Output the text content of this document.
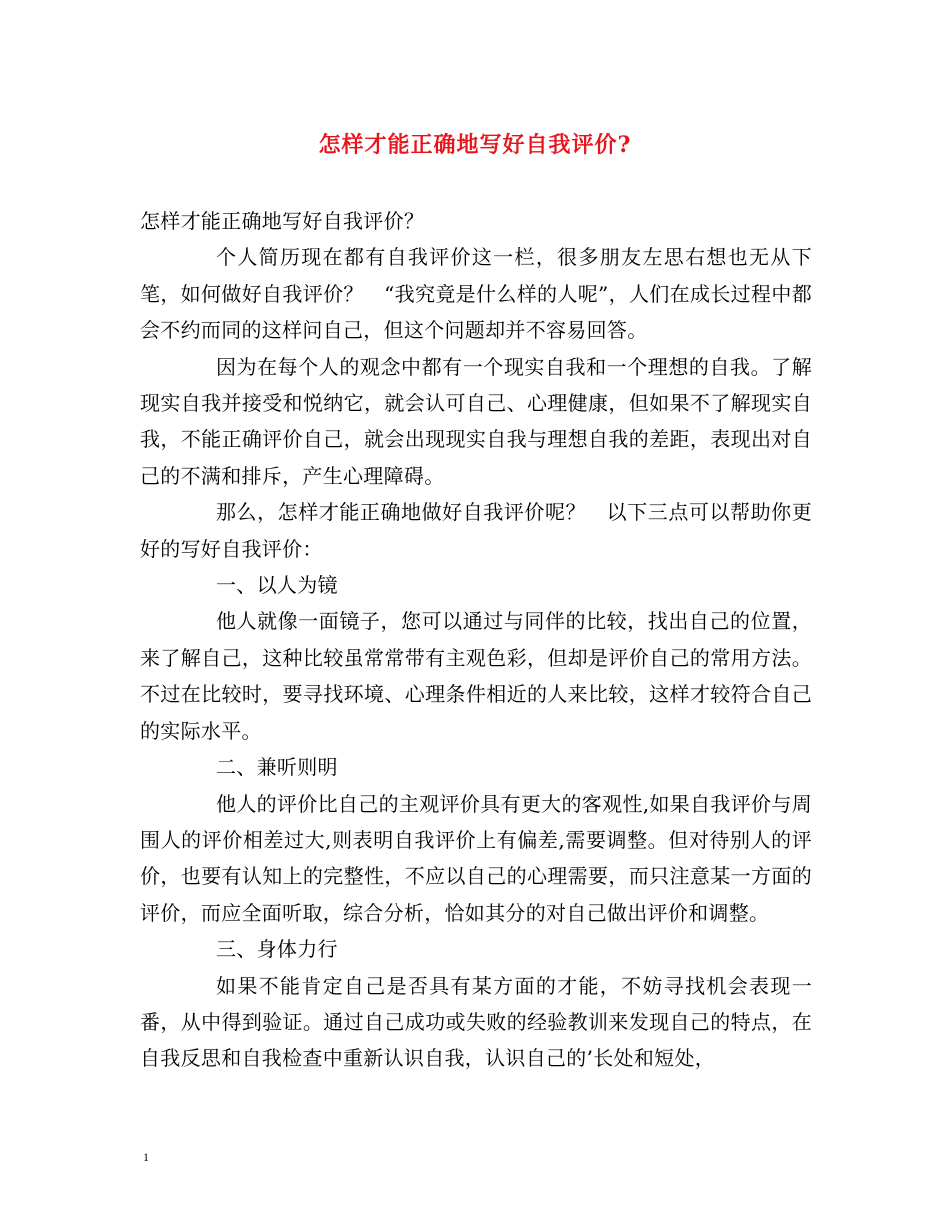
怎样才能正确地写好自我评价?

怎样才能正确地写好自我评价？

个人简历现在都有自我评价这一栏，很多朋友左思右想也无从下笔，如何做好自我评价？　“我究竟是什么样的人呢”，人们在成长过程中都会不约而同的这样问自己，但这个问题却并不容易回答。

因为在每个人的观念中都有一个现实自我和一个理想的自我。了解现实自我并接受和悦纳它，就会认可自己、心理健康，但如果不了解现实自我，不能正确评价自己，就会出现现实自我与理想自我的差距，表现出对自己的不满和排斥，产生心理障碍。

那么，怎样才能正确地做好自我评价呢？　以下三点可以帮助你更好的写好自我评价：

一、以人为镜

他人就像一面镜子，您可以通过与同伴的比较，找出自己的位置，来了解自己，这种比较虽常常带有主观色彩，但却是评价自己的常用方法。不过在比较时，要寻找环境、心理条件相近的人来比较，这样才较符合自己的实际水平。

二、兼听则明

他人的评价比自己的主观评价具有更大的客观性,如果自我评价与周围人的评价相差过大,则表明自我评价上有偏差,需要调整。但对待别人的评价，也要有认知上的完整性，不应以自己的心理需要，而只注意某一方面的评价，而应全面听取，综合分析，恰如其分的对自己做出评价和调整。

三、身体力行

如果不能肯定自己是否具有某方面的才能，不妨寻找机会表现一番，从中得到验证。通过自己成功或失败的经验教训来发现自己的特点，在自我反思和自我检查中重新认识自我，认识自己的’长处和短处，

1
